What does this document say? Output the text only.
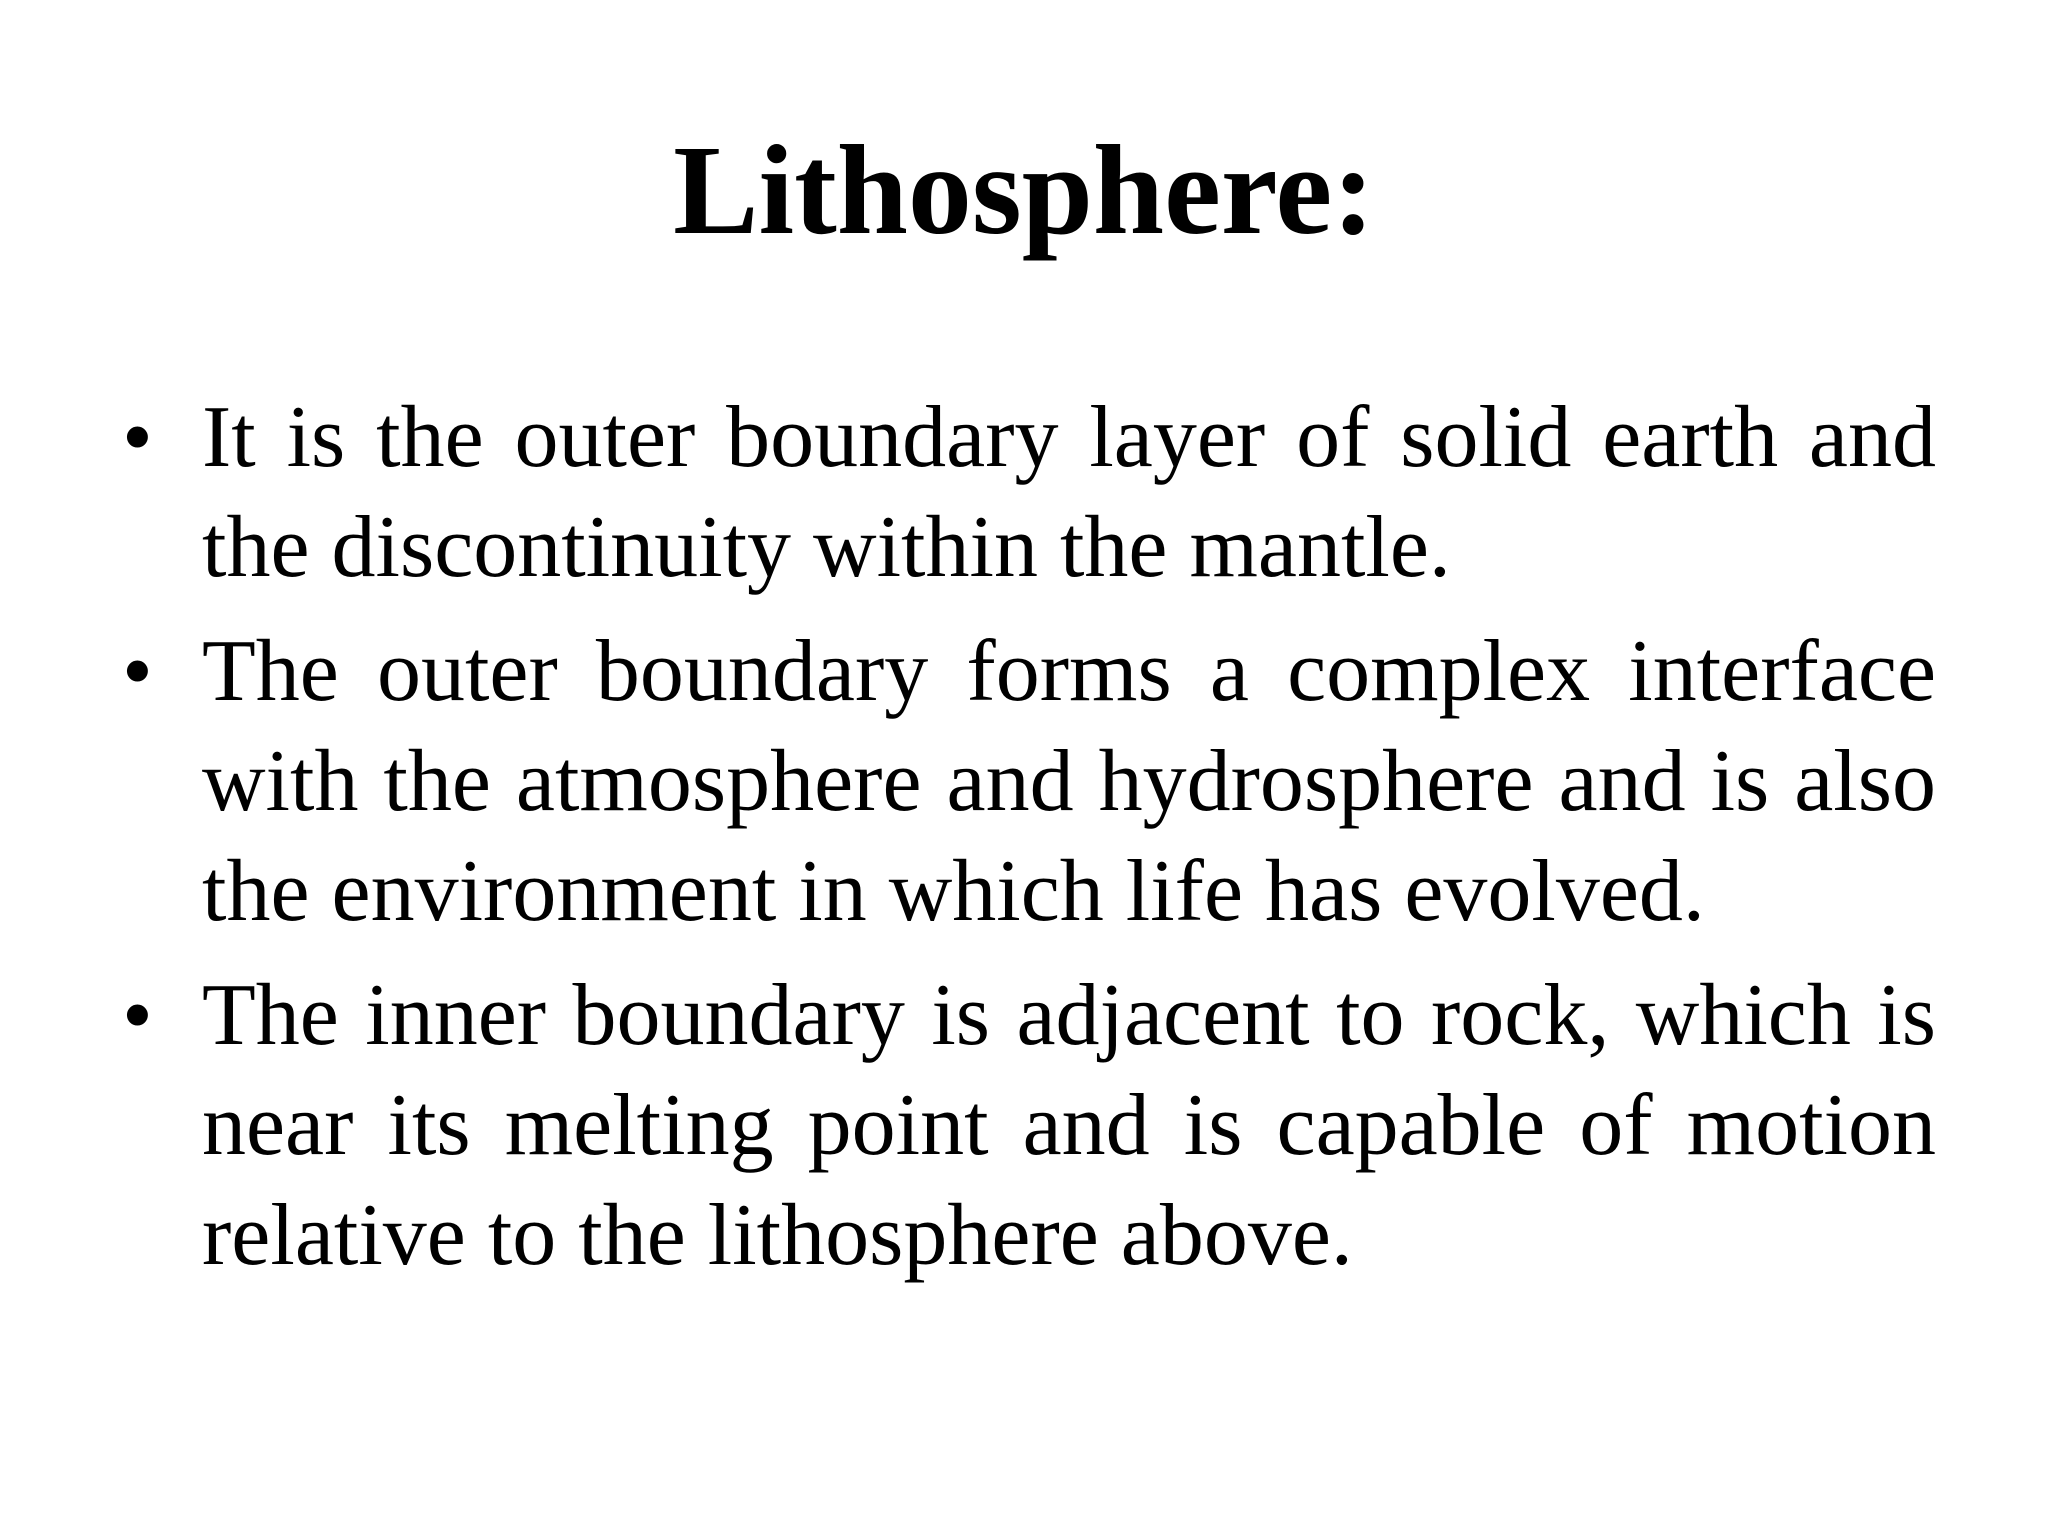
Lithosphere:
• It is the outer boundary layer of solid earth and the discontinuity within the mantle.

• The outer boundary forms a complex interface with the atmosphere and hydrosphere and is also the environment in which life has evolved.

• The inner boundary is adjacent to rock, which is near its melting point and is capable of motion relative to the lithosphere above.
